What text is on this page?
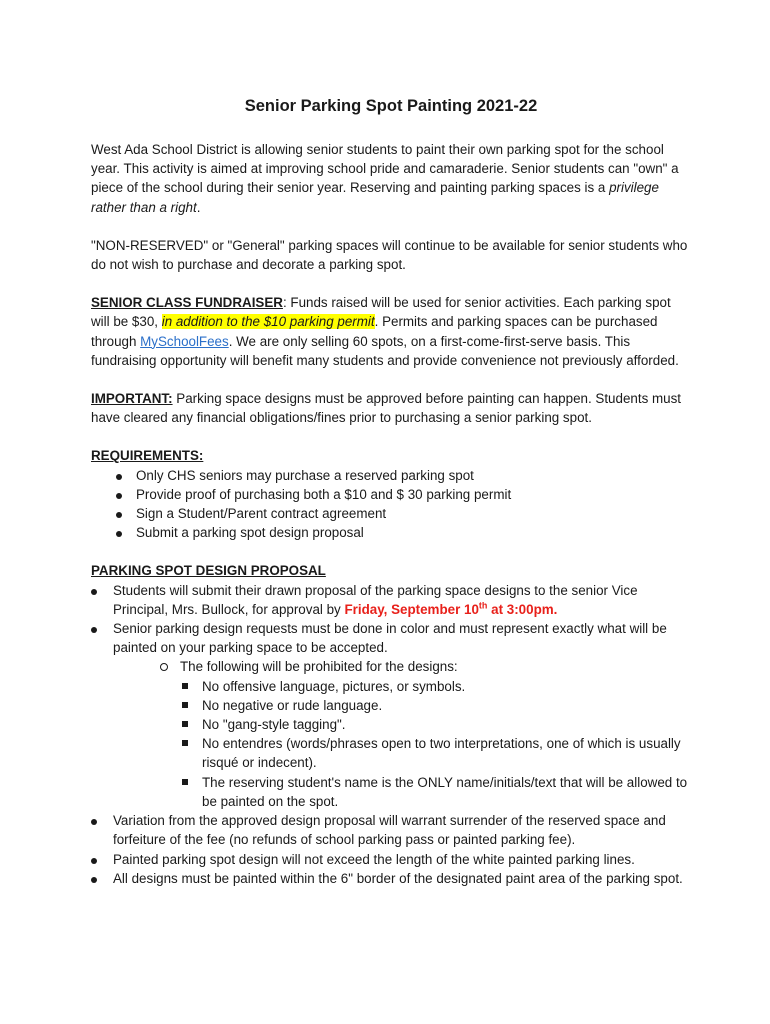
Senior Parking Spot Painting 2021-22

West Ada School District is allowing senior students to paint their own parking spot for the school year. This activity is aimed at improving school pride and camaraderie. Senior students can "own" a piece of the school during their senior year. Reserving and painting parking spaces is a privilege rather than a right.

"NON-RESERVED" or "General" parking spaces will continue to be available for senior students who do not wish to purchase and decorate a parking spot.

SENIOR CLASS FUNDRAISER: Funds raised will be used for senior activities. Each parking spot will be $30, in addition to the $10 parking permit. Permits and parking spaces can be purchased through MySchoolFees. We are only selling 60 spots, on a first-come-first-serve basis. This fundraising opportunity will benefit many students and provide convenience not previously afforded.

IMPORTANT: Parking space designs must be approved before painting can happen. Students must have cleared any financial obligations/fines prior to purchasing a senior parking spot.

REQUIREMENTS:
Only CHS seniors may purchase a reserved parking spot
Provide proof of purchasing both a $10 and $ 30 parking permit
Sign a Student/Parent contract agreement
Submit a parking spot design proposal
PARKING SPOT DESIGN PROPOSAL
Students will submit their drawn proposal of the parking space designs to the senior Vice Principal, Mrs. Bullock, for approval by Friday, September 10th at 3:00pm.
Senior parking design requests must be done in color and must represent exactly what will be painted on your parking space to be accepted.
The following will be prohibited for the designs:
No offensive language, pictures, or symbols.
No negative or rude language.
No "gang-style tagging".
No entendres (words/phrases open to two interpretations, one of which is usually risqué or indecent).
The reserving student's name is the ONLY name/initials/text that will be allowed to be painted on the spot.
Variation from the approved design proposal will warrant surrender of the reserved space and forfeiture of the fee (no refunds of school parking pass or painted parking fee).
Painted parking spot design will not exceed the length of the white painted parking lines.
All designs must be painted within the 6" border of the designated paint area of the parking spot.
